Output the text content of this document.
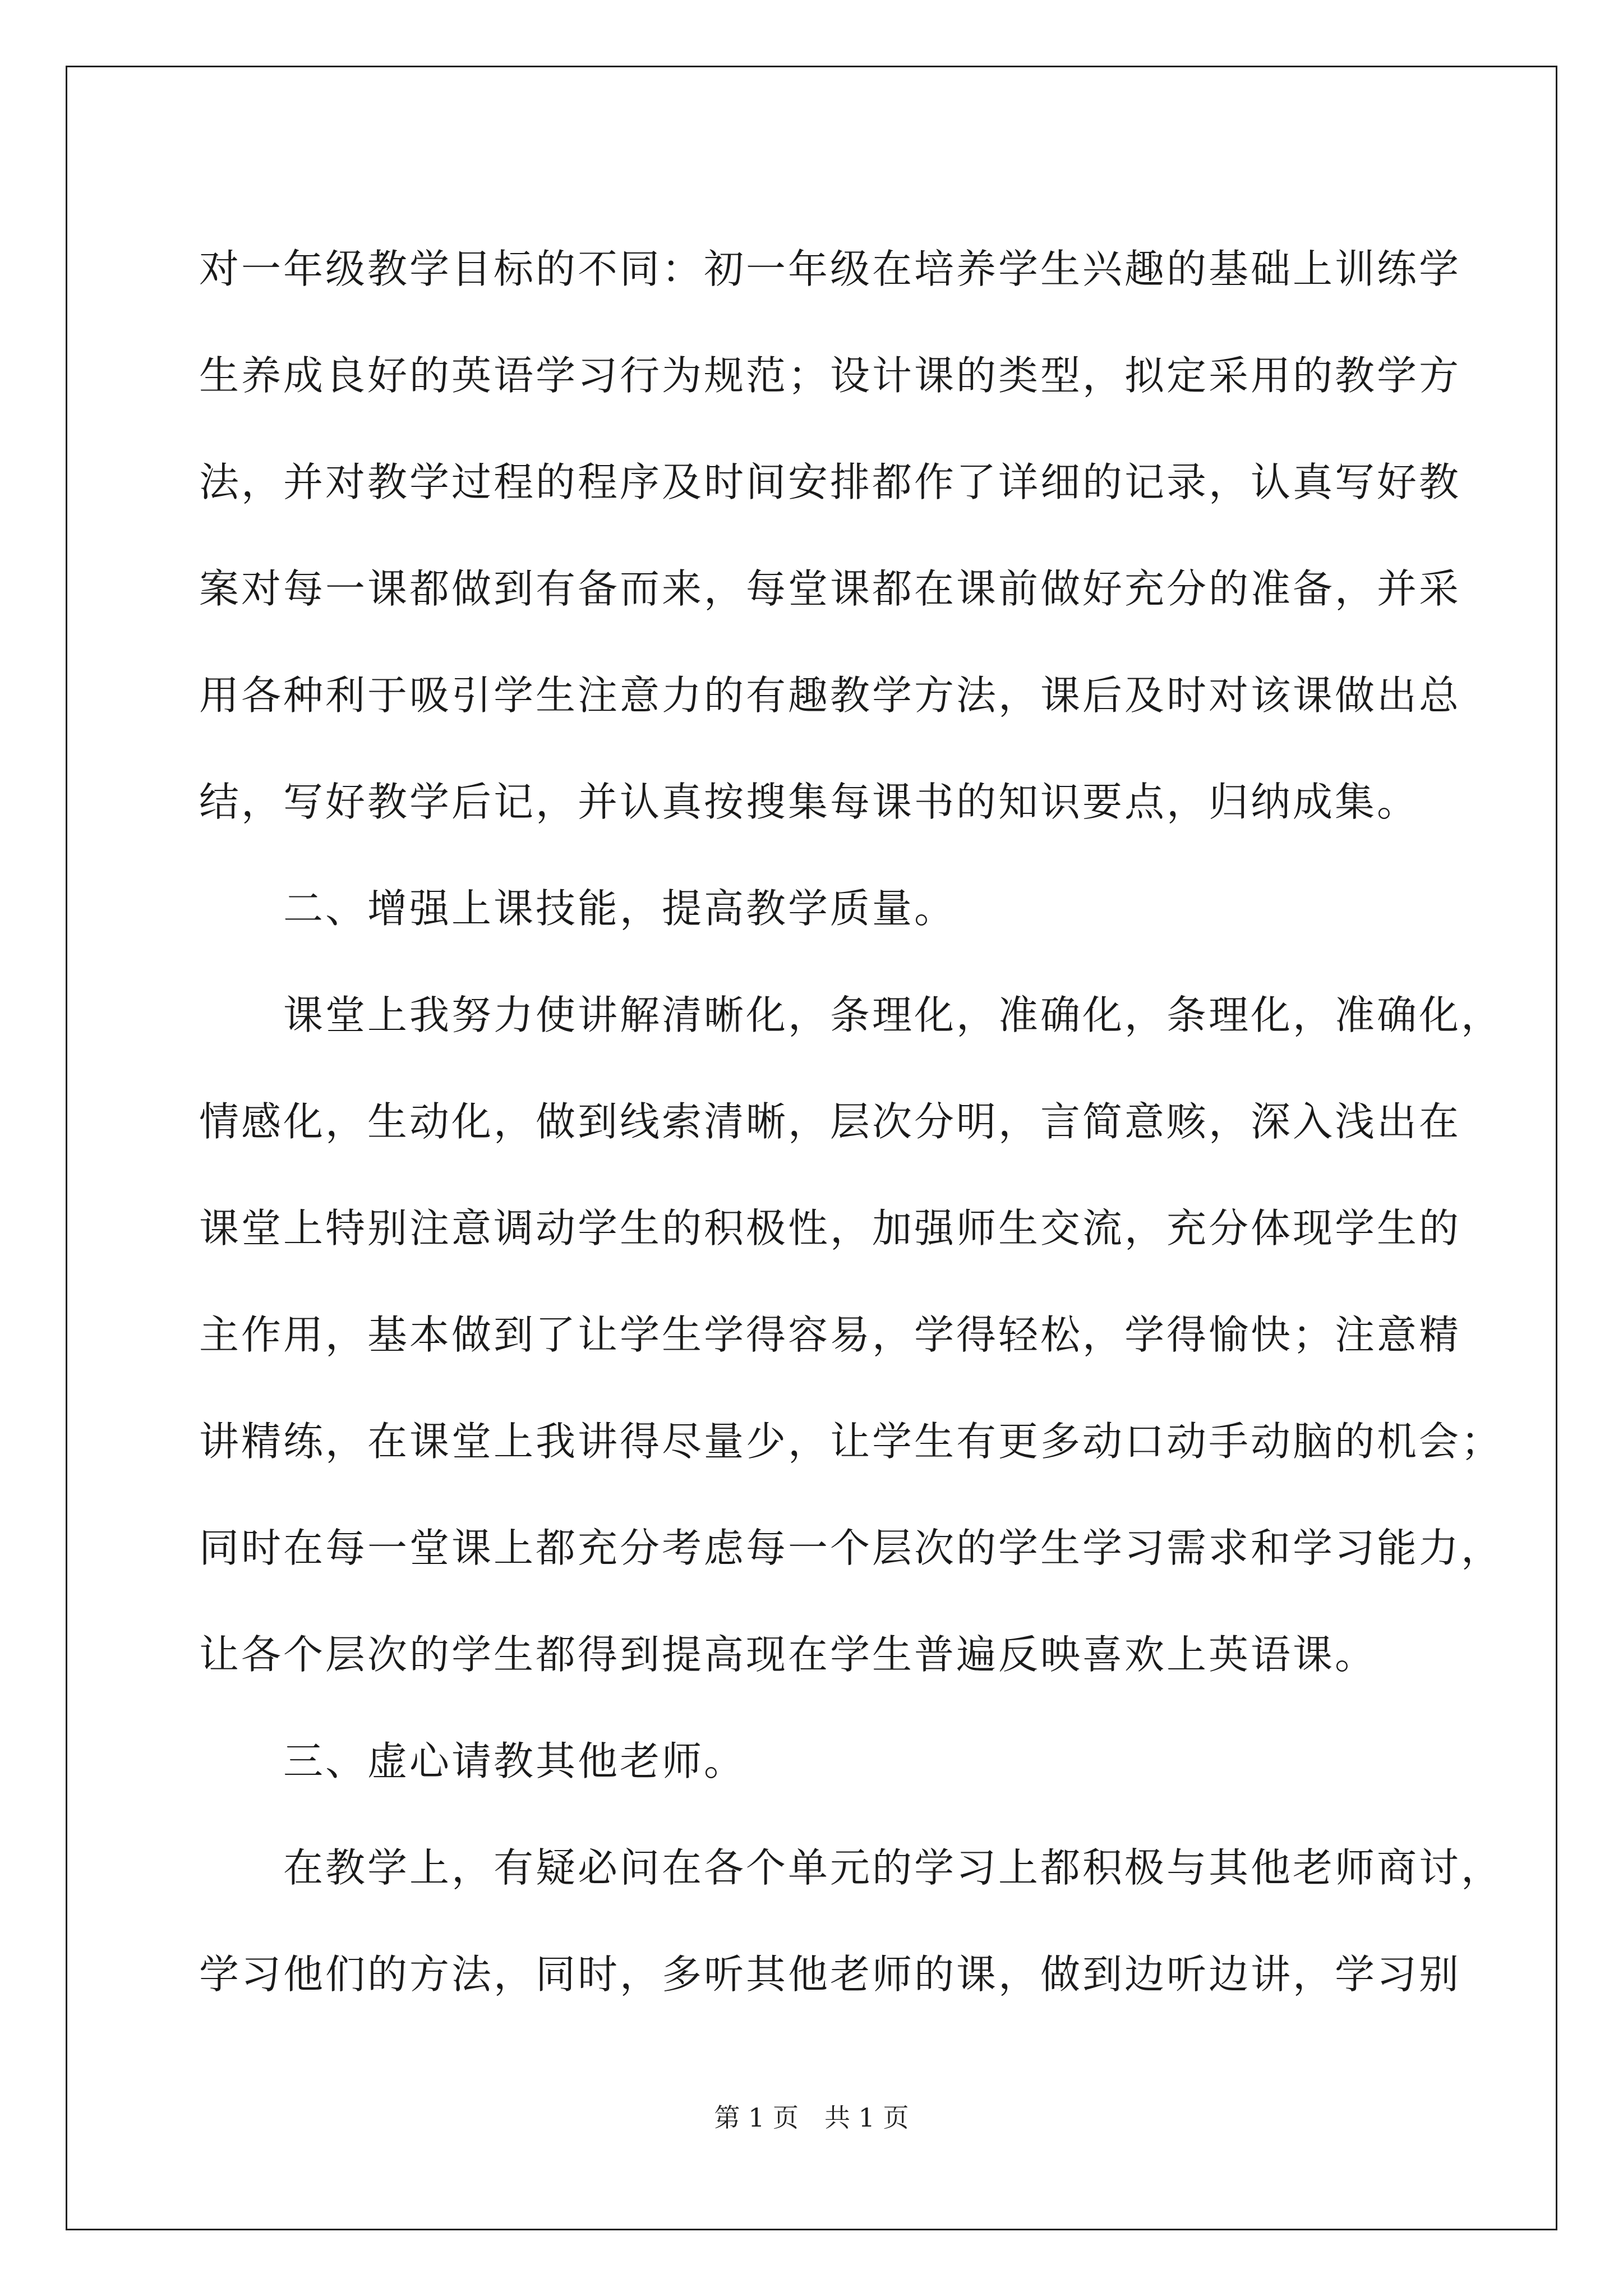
对一年级教学目标的不同：初一年级在培养学生兴趣的基础上训练学
生养成良好的英语学习行为规范；设计课的类型，拟定采用的教学方
法，并对教学过程的程序及时间安排都作了详细的记录，认真写好教
案对每一课都做到有备而来，每堂课都在课前做好充分的准备，并采
用各种利于吸引学生注意力的有趣教学方法，课后及时对该课做出总
结，写好教学后记，并认真按搜集每课书的知识要点，归纳成集。
二、增强上课技能，提高教学质量。
课堂上我努力使讲解清晰化，条理化，准确化，条理化，准确化，
情感化，生动化，做到线索清晰，层次分明，言简意赅，深入浅出在
课堂上特别注意调动学生的积极性，加强师生交流，充分体现学生的
主作用，基本做到了让学生学得容易，学得轻松，学得愉快；注意精
讲精练，在课堂上我讲得尽量少，让学生有更多动口动手动脑的机会；
同时在每一堂课上都充分考虑每一个层次的学生学习需求和学习能力，
让各个层次的学生都得到提高现在学生普遍反映喜欢上英语课。
三、虚心请教其他老师。
在教学上，有疑必问在各个单元的学习上都积极与其他老师商讨，
学习他们的方法，同时，多听其他老师的课，做到边听边讲，学习别
第 1 页　共 1 页
